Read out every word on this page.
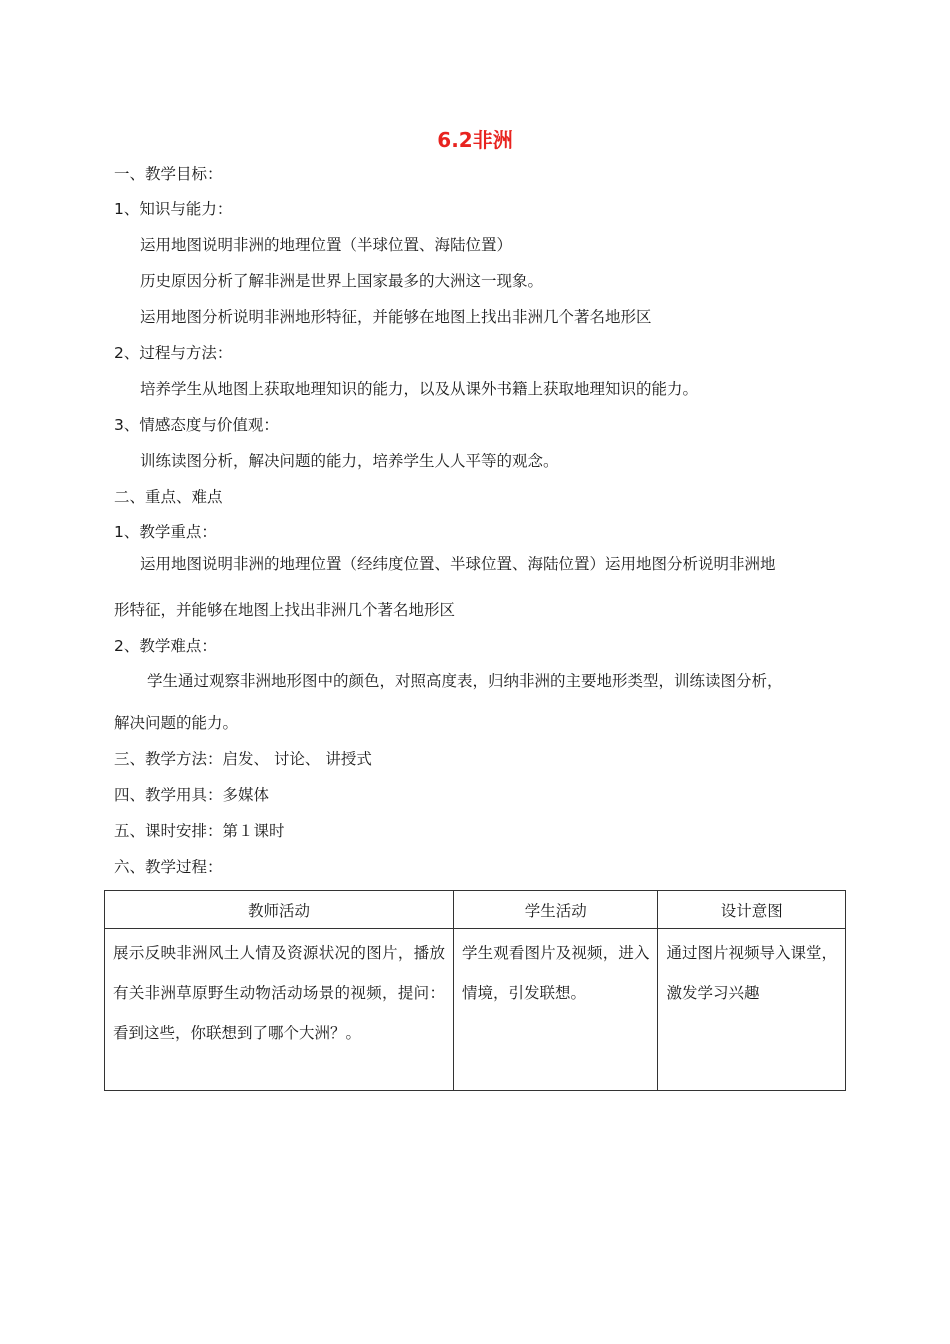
6.2非洲
一、教学目标：
1、知识与能力：
运用地图说明非洲的地理位置（半球位置、海陆位置）
历史原因分析了解非洲是世界上国家最多的大洲这一现象。
运用地图分析说明非洲地形特征，并能够在地图上找出非洲几个著名地形区
2、过程与方法：
培养学生从地图上获取地理知识的能力，以及从课外书籍上获取地理知识的能力。
3、情感态度与价值观：
训练读图分析，解决问题的能力，培养学生人人平等的观念。
二、重点、难点
1、教学重点：
运用地图说明非洲的地理位置（经纬度位置、半球位置、海陆位置）运用地图分析说明非洲地
形特征，并能够在地图上找出非洲几个著名地形区
2、教学难点：
学生通过观察非洲地形图中的颜色，对照高度表，归纳非洲的主要地形类型，训练读图分析，
解决问题的能力。
三、教学方法：启发、 讨论、 讲授式
四、教学用具：多媒体
五、课时安排：第１课时
六、教学过程：
教师活动	学生活动	设计意图

展示反映非洲风土人情及资源状况的图片，播放有关非洲草原野生动物活动场景的视频，提问：看到这些，你联想到了哪个大洲？。	学生观看图片及视频，进入情境，引发联想。	通过图片视频导入课堂，激发学习兴趣
